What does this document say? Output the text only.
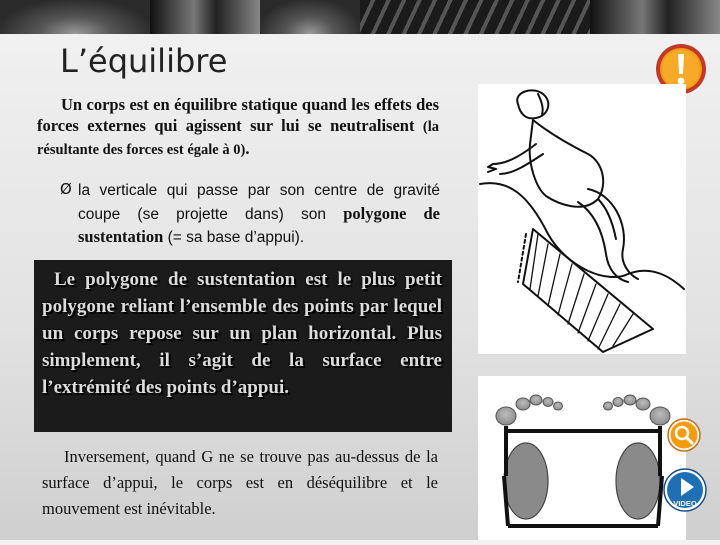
L’équilibre

Un corps est en équilibre statique quand les effets des forces externes qui agissent sur lui se neutralisent (la résultante des forces est égale à 0).

Ø la verticale qui passe par son centre de gravité coupe (se projette dans) son polygone de sustentation (= sa base d’appui).

Le polygone de sustentation est le plus petit polygone reliant l’ensemble des points par lequel un corps repose sur un plan horizontal. Plus simplement, il s’agit de la surface entre l’extrémité des points d’appui.

Inversement, quand G ne se trouve pas au-dessus de la surface d’appui, le corps est en déséquilibre et le mouvement est inévitable.	VIDEO
